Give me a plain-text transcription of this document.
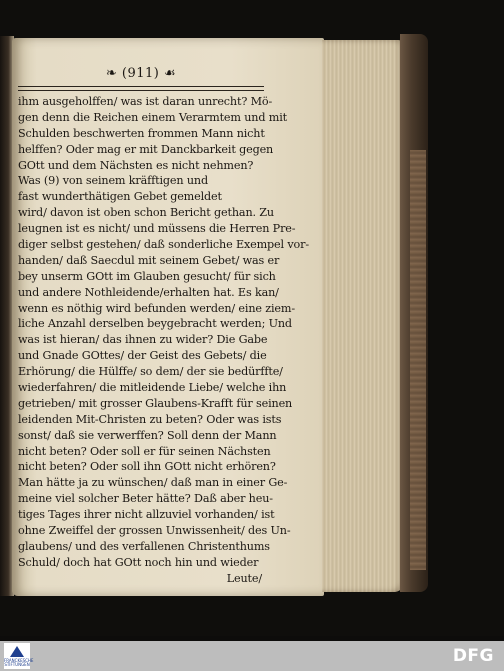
❧ (911) ☙
ihm ausgeholffen/ was ist daran unrecht? Mö-
gen denn die Reichen einem Verarmtem und mit
Schulden beschwerten frommen Mann nicht
helffen? Oder mag er mit Danckbarkeit gegen
GOtt und dem Nächsten es nicht nehmen?
Was (9) von seinem kräfftigen und
fast wunderthätigen Gebet gemeldet
wird/ davon ist oben schon Bericht gethan. Zu
leugnen ist es nicht/ und müssens die Herren Pre-
diger selbst gestehen/ daß sonderliche Exempel vor-
handen/ daß Saecdul mit seinem Gebet/ was er
bey unserm GOtt im Glauben gesucht/ für sich
und andere Nothleidende/erhalten hat. Es kan/
wenn es nöthig wird befunden werden/ eine ziem-
liche Anzahl derselben beygebracht werden; Und
was ist hieran/ das ihnen zu wider? Die Gabe
und Gnade GOttes/ der Geist des Gebets/ die
Erhörung/ die Hülffe/ so dem/ der sie bedürffte/
wiederfahren/ die mitleidende Liebe/ welche ihn
getrieben/ mit grosser Glaubens-Krafft für seinen
leidenden Mit-Christen zu beten? Oder was ists
sonst/ daß sie verwerffen? Soll denn der Mann
nicht beten? Oder soll er für seinen Nächsten
nicht beten? Oder soll ihn GOtt nicht erhören?
Man hätte ja zu wünschen/ daß man in einer Ge-
meine viel solcher Beter hätte? Daß aber heu-
tiges Tages ihrer nicht allzuviel vorhanden/ ist
ohne Zweiffel der grossen Unwissenheit/ des Un-
glaubens/ und des verfallenen Christenthums
Schuld/ doch hat GOtt noch hin und wieder
Leute/
FRANCKESCHE STIFTUNGEN	DFG
